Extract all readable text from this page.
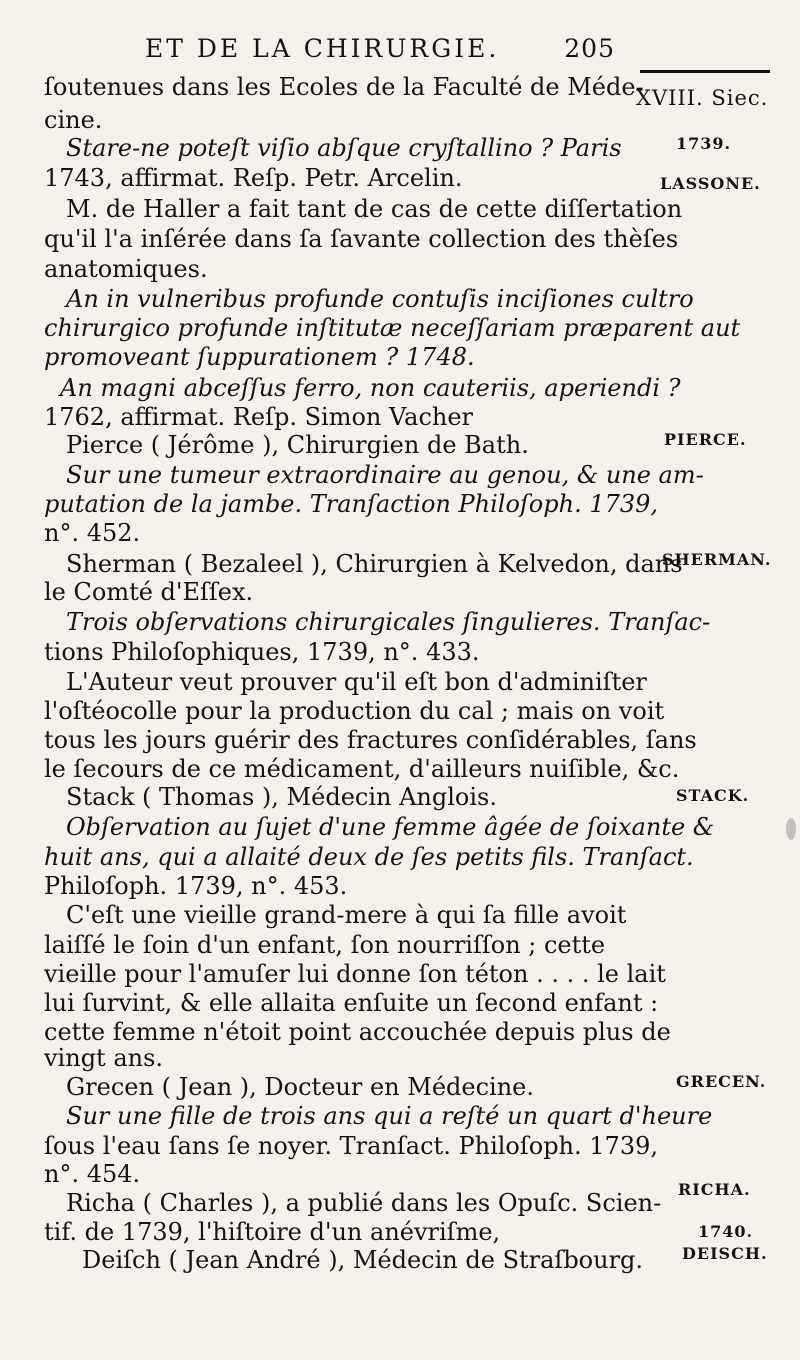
ET DE LA CHIRURGIE.	205
XVIII. Siec.
1739.
LASSONE.
PIERCE.
SHERMAN.
STACK.
GRECEN.
RICHA.
1740.
DEISCH.
ſoutenues dans les Ecoles de la Faculté de Méde-
cine.
Stare-ne poteſt viſio abſque cryſtallino ? Paris
1743, affirmat. Reſp. Petr. Arcelin.
M. de Haller a fait tant de cas de cette diſſertation
qu'il l'a inſérée dans ſa ſavante collection des thèſes
anatomiques.
An in vulneribus profunde contuſis inciſiones cultro
chirurgico profunde inſtitutæ neceſſariam præparent aut
promoveant ſuppurationem ? 1748.
An magni abceſſus ferro, non cauteriis, aperiendi ?
1762, affirmat. Reſp. Simon Vacher
Pierce ( Jérôme ), Chirurgien de Bath.
Sur une tumeur extraordinaire au genou, & une am-
putation de la jambe. Tranſaction Philoſoph. 1739,
n°. 452.
Sherman ( Bezaleel ), Chirurgien à Kelvedon, dans
le Comté d'Eſſex.
Trois obſervations chirurgicales ſingulieres. Tranſac-
tions Philoſophiques, 1739, n°. 433.
L'Auteur veut prouver qu'il eſt bon d'adminiſter
l'oſtéocolle pour la production du cal ; mais on voit
tous les jours guérir des fractures conſidérables, ſans
le ſecours de ce médicament, d'ailleurs nuiſible, &c.
Stack ( Thomas ), Médecin Anglois.
Obſervation au ſujet d'une femme âgée de ſoixante &
huit ans, qui a allaité deux de ſes petits fils. Tranſact.
Philoſoph. 1739, n°. 453.
C'eſt une vieille grand-mere à qui ſa fille avoit
laiſſé le ſoin d'un enfant, ſon nourriſſon ; cette
vieille pour l'amuſer lui donne ſon téton . . . . le lait
lui ſurvint, & elle allaita enſuite un ſecond enfant :
cette femme n'étoit point accouchée depuis plus de
vingt ans.
Grecen ( Jean ), Docteur en Médecine.
Sur une fille de trois ans qui a reſté un quart d'heure
ſous l'eau ſans ſe noyer. Tranſact. Philoſoph. 1739,
n°. 454.
Richa ( Charles ), a publié dans les Opuſc. Scien-
tif. de 1739, l'hiſtoire d'un anévriſme,
Deiſch ( Jean André ), Médecin de Straſbourg.
